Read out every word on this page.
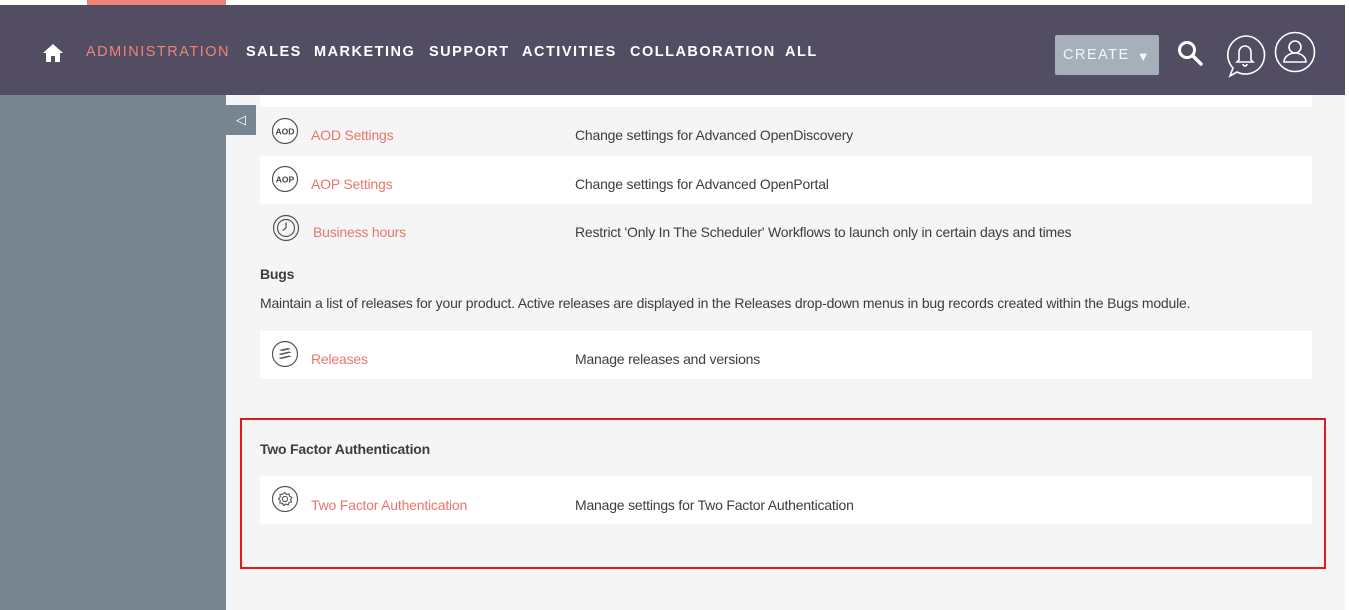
ADMINISTRATION SALES MARKETING SUPPORT ACTIVITIES COLLABORATION ALL	CREATE ▼
◁
AOD AOD Settings	Change settings for Advanced OpenDiscovery
AOP AOP Settings	Change settings for Advanced OpenPortal
Business hours	Restrict 'Only In The Scheduler' Workflows to launch only in certain days and times
Bugs
Maintain a list of releases for your product. Active releases are displayed in the Releases drop-down menus in bug records created within the Bugs module.
Releases	Manage releases and versions
Two Factor Authentication
Two Factor Authentication	Manage settings for Two Factor Authentication
